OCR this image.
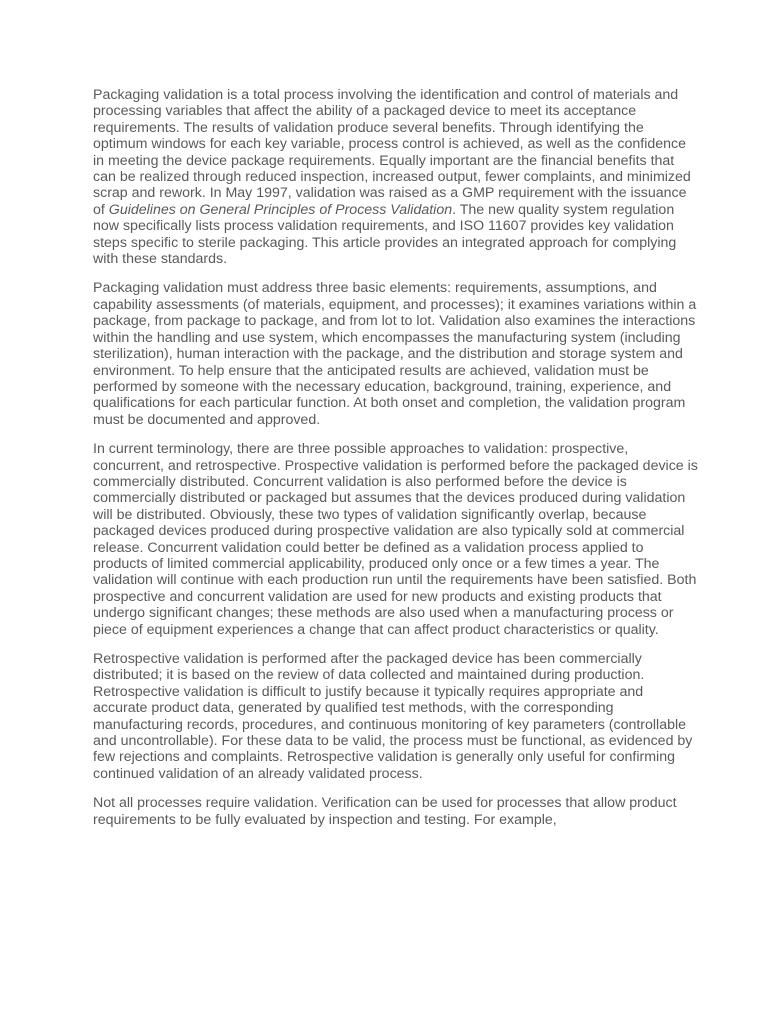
Packaging validation is a total process involving the identification and control of materials and processing variables that affect the ability of a packaged device to meet its acceptance requirements. The results of validation produce several benefits. Through identifying the optimum windows for each key variable, process control is achieved, as well as the confidence in meeting the device package requirements. Equally important are the financial benefits that can be realized through reduced inspection, increased output, fewer complaints, and minimized scrap and rework. In May 1997, validation was raised as a GMP requirement with the issuance of Guidelines on General Principles of Process Validation. The new quality system regulation now specifically lists process validation requirements, and ISO 11607 provides key validation steps specific to sterile packaging. This article provides an integrated approach for complying with these standards.

Packaging validation must address three basic elements: requirements, assumptions, and capability assessments (of materials, equipment, and processes); it examines variations within a package, from package to package, and from lot to lot. Validation also examines the interactions within the handling and use system, which encompasses the manufacturing system (including sterilization), human interaction with the package, and the distribution and storage system and environment. To help ensure that the anticipated results are achieved, validation must be performed by someone with the necessary education, background, training, experience, and qualifications for each particular function. At both onset and completion, the validation program must be documented and approved.

In current terminology, there are three possible approaches to validation: prospective, concurrent, and retrospective. Prospective validation is performed before the packaged device is commercially distributed. Concurrent validation is also performed before the device is commercially distributed or packaged but assumes that the devices produced during validation will be distributed. Obviously, these two types of validation significantly overlap, because packaged devices produced during prospective validation are also typically sold at commercial release. Concurrent validation could better be defined as a validation process applied to products of limited commercial applicability, produced only once or a few times a year. The validation will continue with each production run until the requirements have been satisfied. Both prospective and concurrent validation are used for new products and existing products that undergo significant changes; these methods are also used when a manufacturing process or piece of equipment experiences a change that can affect product characteristics or quality.

Retrospective validation is performed after the packaged device has been commercially distributed; it is based on the review of data collected and maintained during production. Retrospective validation is difficult to justify because it typically requires appropriate and accurate product data, generated by qualified test methods, with the corresponding manufacturing records, procedures, and continuous monitoring of key parameters (controllable and uncontrollable). For these data to be valid, the process must be functional, as evidenced by few rejections and complaints. Retrospective validation is generally only useful for confirming continued validation of an already validated process.

Not all processes require validation. Verification can be used for processes that allow product requirements to be fully evaluated by inspection and testing. For example,
